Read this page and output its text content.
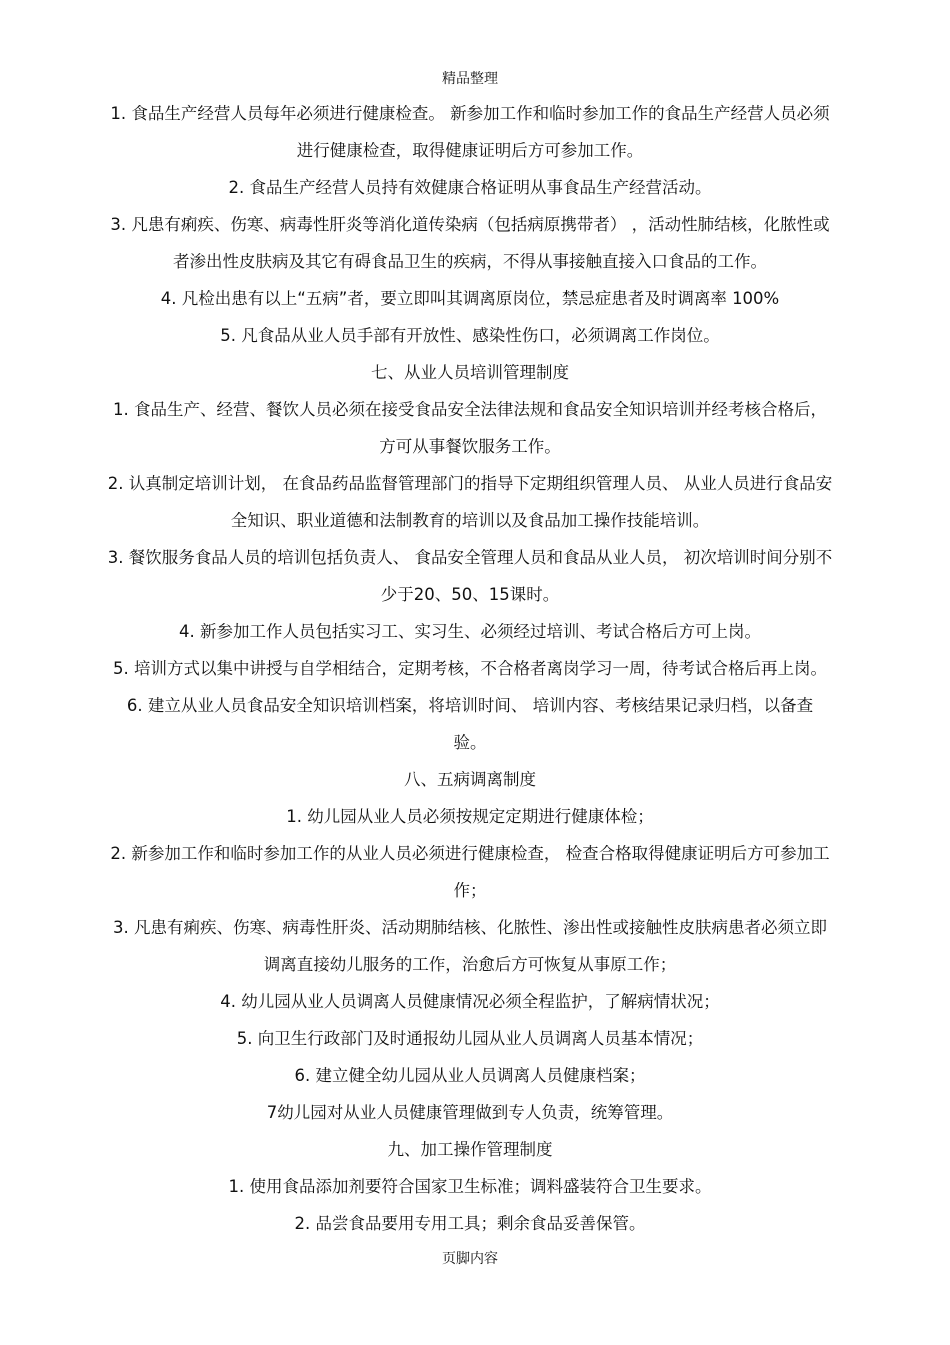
精品整理
1. 食品生产经营人员每年必须进行健康检查。 新参加工作和临时参加工作的食品生产经营人员必须
进行健康检查，取得健康证明后方可参加工作。
2. 食品生产经营人员持有效健康合格证明从事食品生产经营活动。
3. 凡患有痢疾、伤寒、病毒性肝炎等消化道传染病（包括病原携带者） ，活动性肺结核，化脓性或
者渗出性皮肤病及其它有碍食品卫生的疾病，不得从事接触直接入口食品的工作。
4. 凡检出患有以上“五病”者，要立即叫其调离原岗位，禁忌症患者及时调离率 100%
5. 凡食品从业人员手部有开放性、感染性伤口，必须调离工作岗位。
七、从业人员培训管理制度
1. 食品生产、经营、餐饮人员必须在接受食品安全法律法规和食品安全知识培训并经考核合格后，
方可从事餐饮服务工作。
2. 认真制定培训计划， 在食品药品监督管理部门的指导下定期组织管理人员、 从业人员进行食品安
全知识、职业道德和法制教育的培训以及食品加工操作技能培训。
3. 餐饮服务食品人员的培训包括负责人、 食品安全管理人员和食品从业人员， 初次培训时间分别不
少于20、50、15课时。
4. 新参加工作人员包括实习工、实习生、必须经过培训、考试合格后方可上岗。
5. 培训方式以集中讲授与自学相结合，定期考核，不合格者离岗学习一周，待考试合格后再上岗。
6. 建立从业人员食品安全知识培训档案，将培训时间、 培训内容、考核结果记录归档，以备查
验。
八、五病调离制度
1. 幼儿园从业人员必须按规定定期进行健康体检；
2. 新参加工作和临时参加工作的从业人员必须进行健康检查， 检查合格取得健康证明后方可参加工
作；
3. 凡患有痢疾、伤寒、病毒性肝炎、活动期肺结核、化脓性、渗出性或接触性皮肤病患者必须立即
调离直接幼儿服务的工作，治愈后方可恢复从事原工作；
4. 幼儿园从业人员调离人员健康情况必须全程监护，了解病情状况；
5. 向卫生行政部门及时通报幼儿园从业人员调离人员基本情况；
6. 建立健全幼儿园从业人员调离人员健康档案；
7幼儿园对从业人员健康管理做到专人负责，统筹管理。
九、加工操作管理制度
1. 使用食品添加剂要符合国家卫生标准；调料盛装符合卫生要求。
2. 品尝食品要用专用工具；剩余食品妥善保管。
页脚内容
